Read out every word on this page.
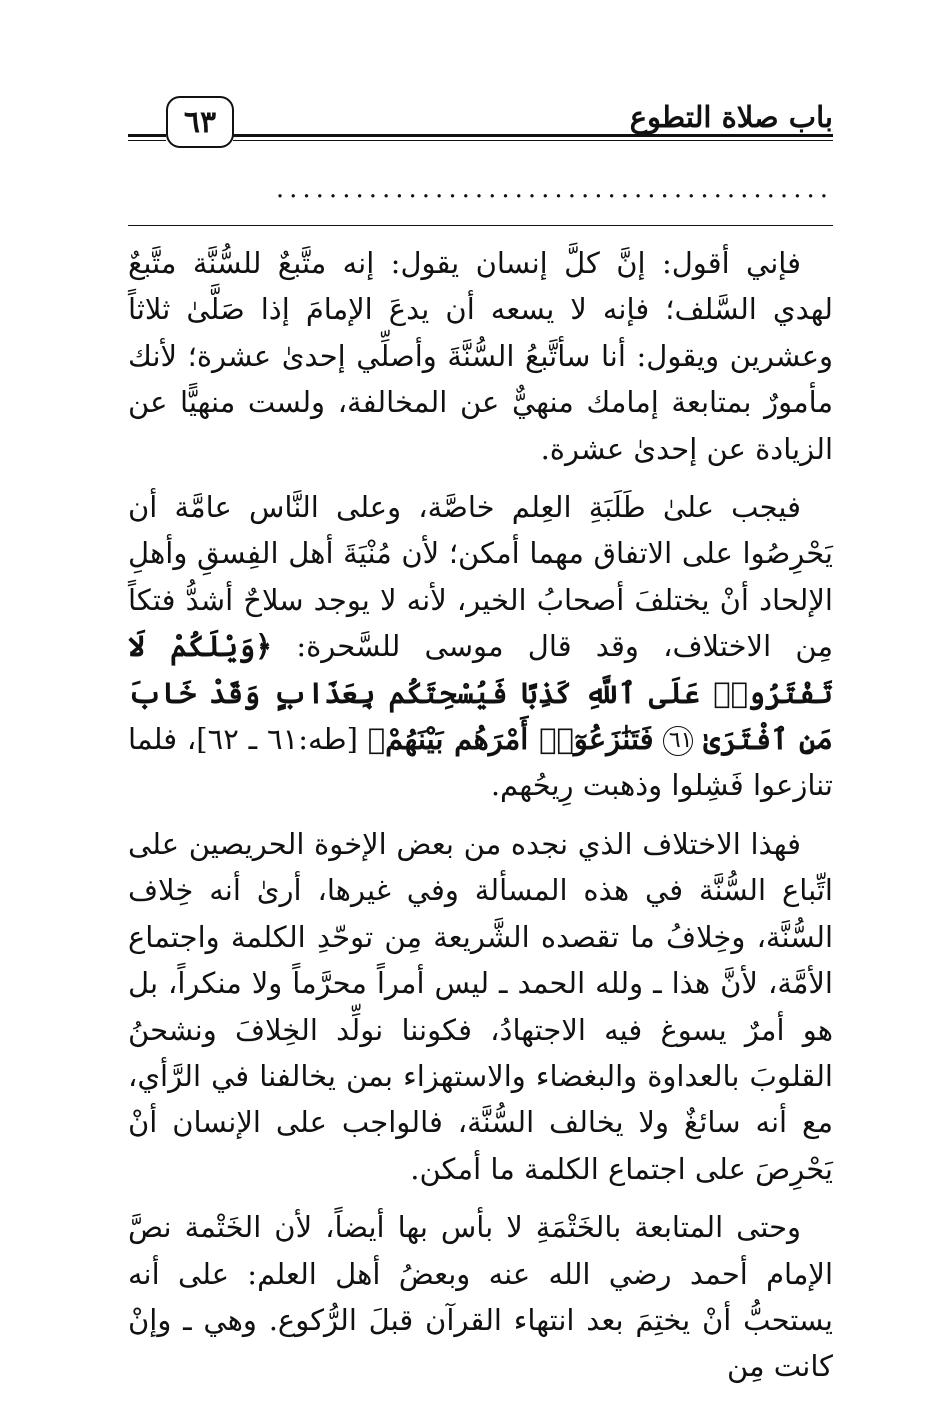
باب صلاة التطوع
٦٣
..........................................

فإني أقول: إنَّ كلَّ إنسان يقول: إنه متَّبعٌ للسُّنَّة متَّبعٌ لهدي السَّلف؛ فإنه لا يسعه أن يدعَ الإمامَ إذا صَلَّىٰ ثلاثاً وعشرين ويقول: أنا سأتَّبعُ السُّنَّةَ وأصلِّي إحدىٰ عشرة؛ لأنك مأمورٌ بمتابعة إمامك منهيٌّ عن المخالفة، ولست منهيًّا عن الزيادة عن إحدىٰ عشرة.

فيجب علىٰ طَلَبَةِ العِلم خاصَّة، وعلى النَّاس عامَّة أن يَحْرِصُوا على الاتفاق مهما أمكن؛ لأن مُنْيَةَ أهل الفِسقِ وأهلِ الإلحاد أنْ يختلفَ أصحابُ الخير، لأنه لا يوجد سلاحٌ أشدُّ فتكاً مِن الاختلاف، وقد قال موسى للسَّحرة: ﴿وَيْلَكُمْ لَا تَفْتَرُوا۟ عَلَى ٱللَّهِ كَذِبًا فَيُسْحِتَكُم بِعَذَابٍ وَقَدْ خَابَ مَنِ ٱفْتَرَىٰ ٦١ فَتَنَٰزَعُوٓا۟ أَمْرَهُم بَيْنَهُمْ﴾ [طه:٦١ ـ ٦٢]، فلما تنازعوا فَشِلوا وذهبت رِيحُهم.

فهذا الاختلاف الذي نجده من بعض الإخوة الحريصين على اتِّباع السُّنَّة في هذه المسألة وفي غيرها، أرىٰ أنه خِلاف السُّنَّة، وخِلافُ ما تقصده الشَّريعة مِن توحّدِ الكلمة واجتماع الأمَّة، لأنَّ هذا ـ ولله الحمد ـ ليس أمراً محرَّماً ولا منكراً، بل هو أمرٌ يسوغ فيه الاجتهادُ، فكوننا نولِّد الخِلافَ ونشحنُ القلوبَ بالعداوة والبغضاء والاستهزاء بمن يخالفنا في الرَّأي، مع أنه سائغٌ ولا يخالف السُّنَّة، فالواجب على الإنسان أنْ يَحْرِصَ على اجتماع الكلمة ما أمكن.

وحتى المتابعة بالخَتْمَةِ لا بأس بها أيضاً، لأن الخَتْمة نصَّ الإمام أحمد رضي الله عنه وبعضُ أهل العلم: على أنه يستحبُّ أنْ يختِمَ بعد انتهاء القرآن قبلَ الرُّكوع. وهي ـ وإنْ كانت مِن
